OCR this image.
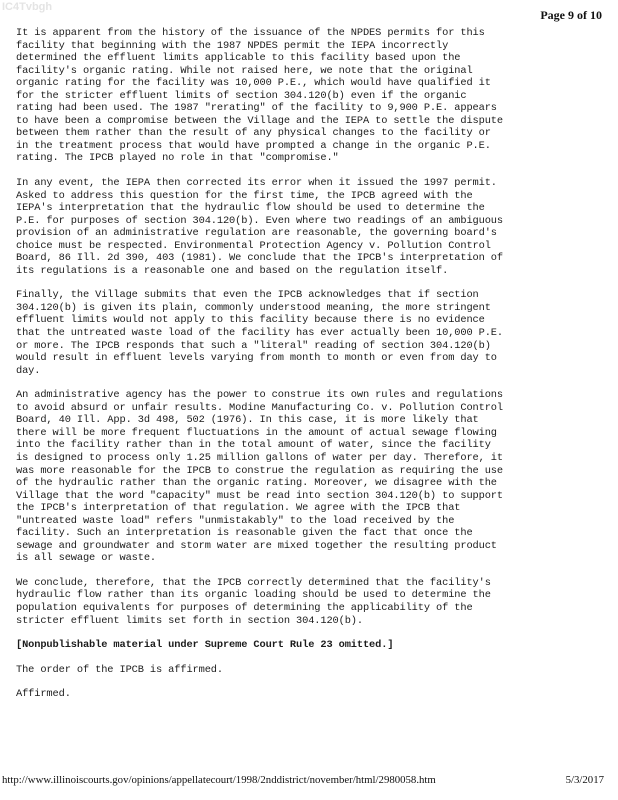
IC4Tvbgh
Page 9 of 10
It is apparent from the history of the issuance of the NPDES permits for this
facility that beginning with the 1987 NPDES permit the IEPA incorrectly
determined the effluent limits applicable to this facility based upon the
facility's organic rating. While not raised here, we note that the original
organic rating for the facility was 10,000 P.E., which would have qualified it
for the stricter effluent limits of section 304.120(b) even if the organic
rating had been used. The 1987 "rerating" of the facility to 9,900 P.E. appears
to have been a compromise between the Village and the IEPA to settle the dispute
between them rather than the result of any physical changes to the facility or
in the treatment process that would have prompted a change in the organic P.E.
rating. The IPCB played no role in that "compromise."
In any event, the IEPA then corrected its error when it issued the 1997 permit.
Asked to address this question for the first time, the IPCB agreed with the
IEPA's interpretation that the hydraulic flow should be used to determine the
P.E. for purposes of section 304.120(b). Even where two readings of an ambiguous
provision of an administrative regulation are reasonable, the governing board's
choice must be respected. Environmental Protection Agency v. Pollution Control
Board, 86 Ill. 2d 390, 403 (1981). We conclude that the IPCB's interpretation of
its regulations is a reasonable one and based on the regulation itself.
Finally, the Village submits that even the IPCB acknowledges that if section
304.120(b) is given its plain, commonly understood meaning, the more stringent
effluent limits would not apply to this facility because there is no evidence
that the untreated waste load of the facility has ever actually been 10,000 P.E.
or more. The IPCB responds that such a "literal" reading of section 304.120(b)
would result in effluent levels varying from month to month or even from day to
day.
An administrative agency has the power to construe its own rules and regulations
to avoid absurd or unfair results. Modine Manufacturing Co. v. Pollution Control
Board, 40 Ill. App. 3d 498, 502 (1976). In this case, it is more likely that
there will be more frequent fluctuations in the amount of actual sewage flowing
into the facility rather than in the total amount of water, since the facility
is designed to process only 1.25 million gallons of water per day. Therefore, it
was more reasonable for the IPCB to construe the regulation as requiring the use
of the hydraulic rather than the organic rating. Moreover, we disagree with the
Village that the word "capacity" must be read into section 304.120(b) to support
the IPCB's interpretation of that regulation. We agree with the IPCB that
"untreated waste load" refers "unmistakably" to the load received by the
facility. Such an interpretation is reasonable given the fact that once the
sewage and groundwater and storm water are mixed together the resulting product
is all sewage or waste.
We conclude, therefore, that the IPCB correctly determined that the facility's
hydraulic flow rather than its organic loading should be used to determine the
population equivalents for purposes of determining the applicability of the
stricter effluent limits set forth in section 304.120(b).
[Nonpublishable material under Supreme Court Rule 23 omitted.]
The order of the IPCB is affirmed.
Affirmed.
http://www.illinoiscourts.gov/opinions/appellatecourt/1998/2nddistrict/november/html/2980058.htm	5/3/2017
